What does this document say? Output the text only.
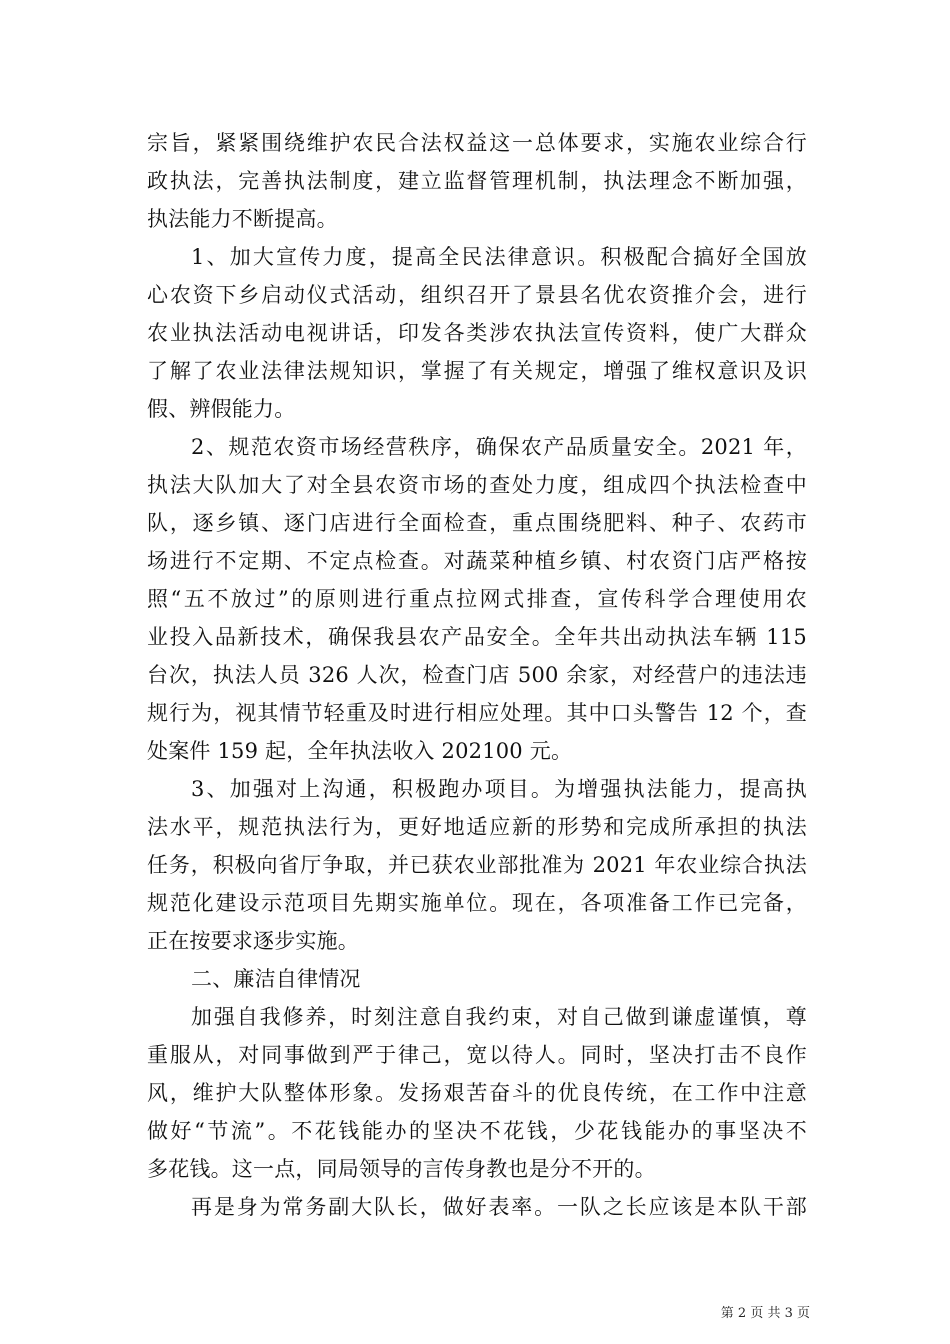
宗旨，紧紧围绕维护农民合法权益这一总体要求，实施农业综合行
政执法，完善执法制度，建立监督管理机制，执法理念不断加强，
执法能力不断提高。
1、加大宣传力度，提高全民法律意识。积极配合搞好全国放
心农资下乡启动仪式活动，组织召开了景县名优农资推介会，进行
农业执法活动电视讲话，印发各类涉农执法宣传资料，使广大群众
了解了农业法律法规知识，掌握了有关规定，增强了维权意识及识
假、辨假能力。
2、规范农资市场经营秩序，确保农产品质量安全。2021 年，
执法大队加大了对全县农资市场的查处力度，组成四个执法检查中
队，逐乡镇、逐门店进行全面检查，重点围绕肥料、种子、农药市
场进行不定期、不定点检查。对蔬菜种植乡镇、村农资门店严格按
照“五不放过”的原则进行重点拉网式排查，宣传科学合理使用农
业投入品新技术，确保我县农产品安全。全年共出动执法车辆 115
台次，执法人员 326 人次，检查门店 500 余家，对经营户的违法违
规行为，视其情节轻重及时进行相应处理。其中口头警告 12 个，查
处案件 159 起，全年执法收入 202100 元。
3、加强对上沟通，积极跑办项目。为增强执法能力，提高执
法水平，规范执法行为，更好地适应新的形势和完成所承担的执法
任务，积极向省厅争取，并已获农业部批准为 2021 年农业综合执法
规范化建设示范项目先期实施单位。现在，各项准备工作已完备，
正在按要求逐步实施。
二、廉洁自律情况
加强自我修养，时刻注意自我约束，对自己做到谦虚谨慎，尊
重服从，对同事做到严于律己，宽以待人。同时，坚决打击不良作
风，维护大队整体形象。发扬艰苦奋斗的优良传统，在工作中注意
做好“节流”。不花钱能办的坚决不花钱，少花钱能办的事坚决不
多花钱。这一点，同局领导的言传身教也是分不开的。
再是身为常务副大队长，做好表率。一队之长应该是本队干部
第 2 页 共 3 页
